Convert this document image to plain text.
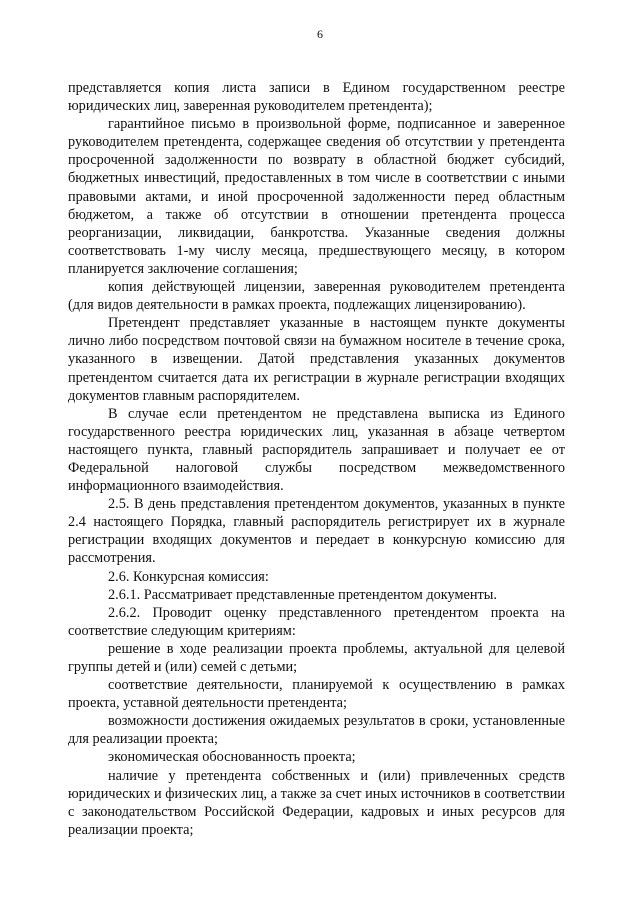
6

представляется копия листа записи в Едином государственном реестре юридических лиц, заверенная руководителем претендента);

гарантийное письмо в произвольной форме, подписанное и заверенное руководителем претендента, содержащее сведения об отсутствии у претендента просроченной задолженности по возврату в областной бюджет субсидий, бюджетных инвестиций, предоставленных в том числе в соответствии с иными правовыми актами, и иной просроченной задолженности перед областным бюджетом, а также об отсутствии в отношении претендента процесса реорганизации, ликвидации, банкротства. Указанные сведения должны соответствовать 1-му числу месяца, предшествующего месяцу, в котором планируется заключение соглашения;

копия действующей лицензии, заверенная руководителем претендента (для видов деятельности в рамках проекта, подлежащих лицензированию).

Претендент представляет указанные в настоящем пункте документы лично либо посредством почтовой связи на бумажном носителе в течение срока, указанного в извещении. Датой представления указанных документов претендентом считается дата их регистрации в журнале регистрации входящих документов главным распорядителем.

В случае если претендентом не представлена выписка из Единого государственного реестра юридических лиц, указанная в абзаце четвертом настоящего пункта, главный распорядитель запрашивает и получает ее от Федеральной налоговой службы посредством межведомственного информационного взаимодействия.

2.5. В день представления претендентом документов, указанных в пункте 2.4 настоящего Порядка, главный распорядитель регистрирует их в журнале регистрации входящих документов и передает в конкурсную комиссию для рассмотрения.

2.6. Конкурсная комиссия:

2.6.1. Рассматривает представленные претендентом документы.

2.6.2. Проводит оценку представленного претендентом проекта на соответствие следующим критериям:

решение в ходе реализации проекта проблемы, актуальной для целевой группы детей и (или) семей с детьми;

соответствие деятельности, планируемой к осуществлению в рамках проекта, уставной деятельности претендента;

возможности достижения ожидаемых результатов в сроки, установленные для реализации проекта;

экономическая обоснованность проекта;

наличие у претендента собственных и (или) привлеченных средств юридических и физических лиц, а также за счет иных источников в соответствии с законодательством Российской Федерации, кадровых и иных ресурсов для реализации проекта;
